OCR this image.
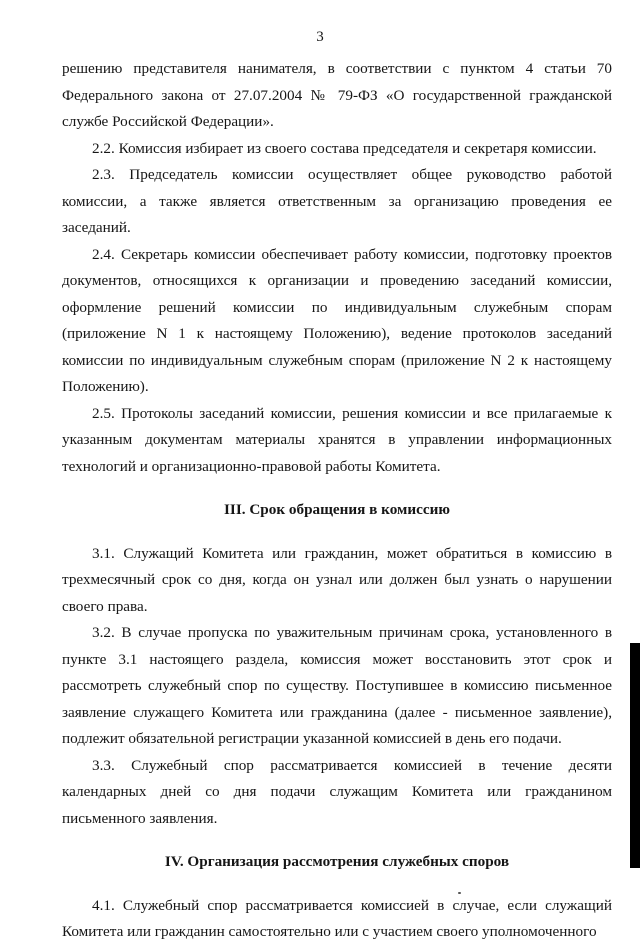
3

решению представителя нанимателя, в соответствии с пунктом 4 статьи 70 Федерального закона от 27.07.2004 № 79-ФЗ «О государственной гражданской службе Российской Федерации».

2.2. Комиссия избирает из своего состава председателя и секретаря комиссии.

2.3. Председатель комиссии осуществляет общее руководство работой комиссии, а также является ответственным за организацию проведения ее заседаний.

2.4. Секретарь комиссии обеспечивает работу комиссии, подготовку проектов документов, относящихся к организации и проведению заседаний комиссии, оформление решений комиссии по индивидуальным служебным спорам (приложение N 1 к настоящему Положению), ведение протоколов заседаний комиссии по индивидуальным служебным спорам (приложение N 2 к настоящему Положению).

2.5. Протоколы заседаний комиссии, решения комиссии и все прилагаемые к указанным документам материалы хранятся в управлении информационных технологий и организационно-правовой работы Комитета.

III. Срок обращения в комиссию

3.1. Служащий Комитета или гражданин, может обратиться в комиссию в трехмесячный срок со дня, когда он узнал или должен был узнать о нарушении своего права.

3.2. В случае пропуска по уважительным причинам срока, установленного в пункте 3.1 настоящего раздела, комиссия может восстановить этот срок и рассмотреть служебный спор по существу. Поступившее в комиссию письменное заявление служащего Комитета или гражданина (далее - письменное заявление), подлежит обязательной регистрации указанной комиссией в день его подачи.

3.3. Служебный спор рассматривается комиссией в течение десяти календарных дней со дня подачи служащим Комитета или гражданином письменного заявления.

IV. Организация рассмотрения служебных споров

4.1. Служебный спор рассматривается комиссией в случае, если служащий Комитета или гражданин самостоятельно или с участием своего уполномоченного
